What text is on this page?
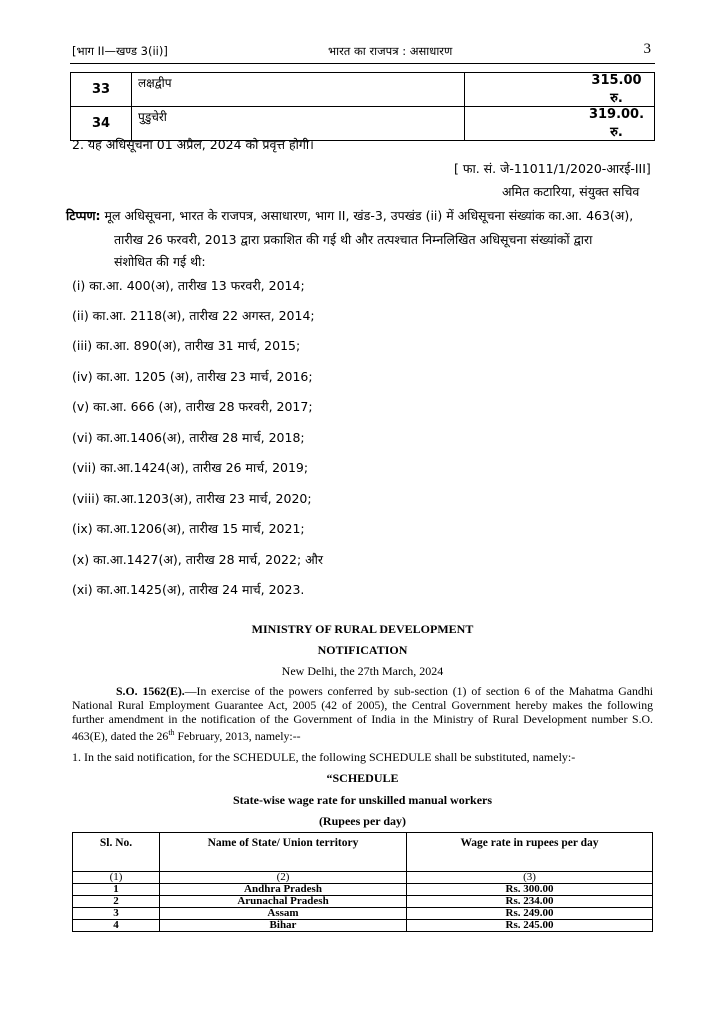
[भाग II—खण्ड 3(ii)]	भारत का राजपत्र : असाधारण	3
33	लक्षद्वीप	315.00 रु.
34	पुडुचेरी	319.00. रु.
2. यह अधिसूचना 01 अप्रैल, 2024 को प्रवृत्त होगी।
[ फा. सं. जे-11011/1/2020-आरई-III]
अमित कटारिया, संयुक्त सचिव
टिप्पण: मूल अधिसूचना, भारत के राजपत्र, असाधारण, भाग II, खंड-3, उपखंड (ii) में अधिसूचना संख्यांक का.आ. 463(अ),
तारीख 26 फरवरी, 2013 द्वारा प्रकाशित की गई थी और तत्पश्चात निम्नलिखित अधिसूचना संख्यांकों द्वारा
संशोधित की गई थी:
(i) का.आ. 400(अ), तारीख 13 फरवरी, 2014;
(ii) का.आ. 2118(अ), तारीख 22 अगस्त, 2014;
(iii) का.आ. 890(अ), तारीख 31 मार्च, 2015;
(iv) का.आ. 1205 (अ), तारीख 23 मार्च, 2016;
(v) का.आ. 666 (अ), तारीख 28 फरवरी, 2017;
(vi) का.आ.1406(अ), तारीख 28 मार्च, 2018;
(vii) का.आ.1424(अ), तारीख 26 मार्च, 2019;
(viii) का.आ.1203(अ), तारीख 23 मार्च, 2020;
(ix) का.आ.1206(अ), तारीख 15 मार्च, 2021;
(x) का.आ.1427(अ), तारीख 28 मार्च, 2022; और
(xi) का.आ.1425(अ), तारीख 24 मार्च, 2023.
MINISTRY OF RURAL DEVELOPMENT
NOTIFICATION
New Delhi, the 27th March, 2024
S.O. 1562(E).—In exercise of the powers conferred by sub-section (1) of section 6 of the Mahatma Gandhi National Rural Employment Guarantee Act, 2005 (42 of 2005), the Central Government hereby makes the following further amendment in the notification of the Government of India in the Ministry of Rural Development number S.O. 463(E), dated the 26th February, 2013, namely:--
1. In the said notification, for the SCHEDULE, the following SCHEDULE shall be substituted, namely:-
“SCHEDULE
State-wise wage rate for unskilled manual workers
(Rupees per day)
Sl. No.	Name of State/ Union territory	Wage rate in rupees per day
(1)	(2)	(3)
1	Andhra Pradesh	Rs. 300.00
2	Arunachal Pradesh	Rs. 234.00
3	Assam	Rs. 249.00
4	Bihar	Rs. 245.00
